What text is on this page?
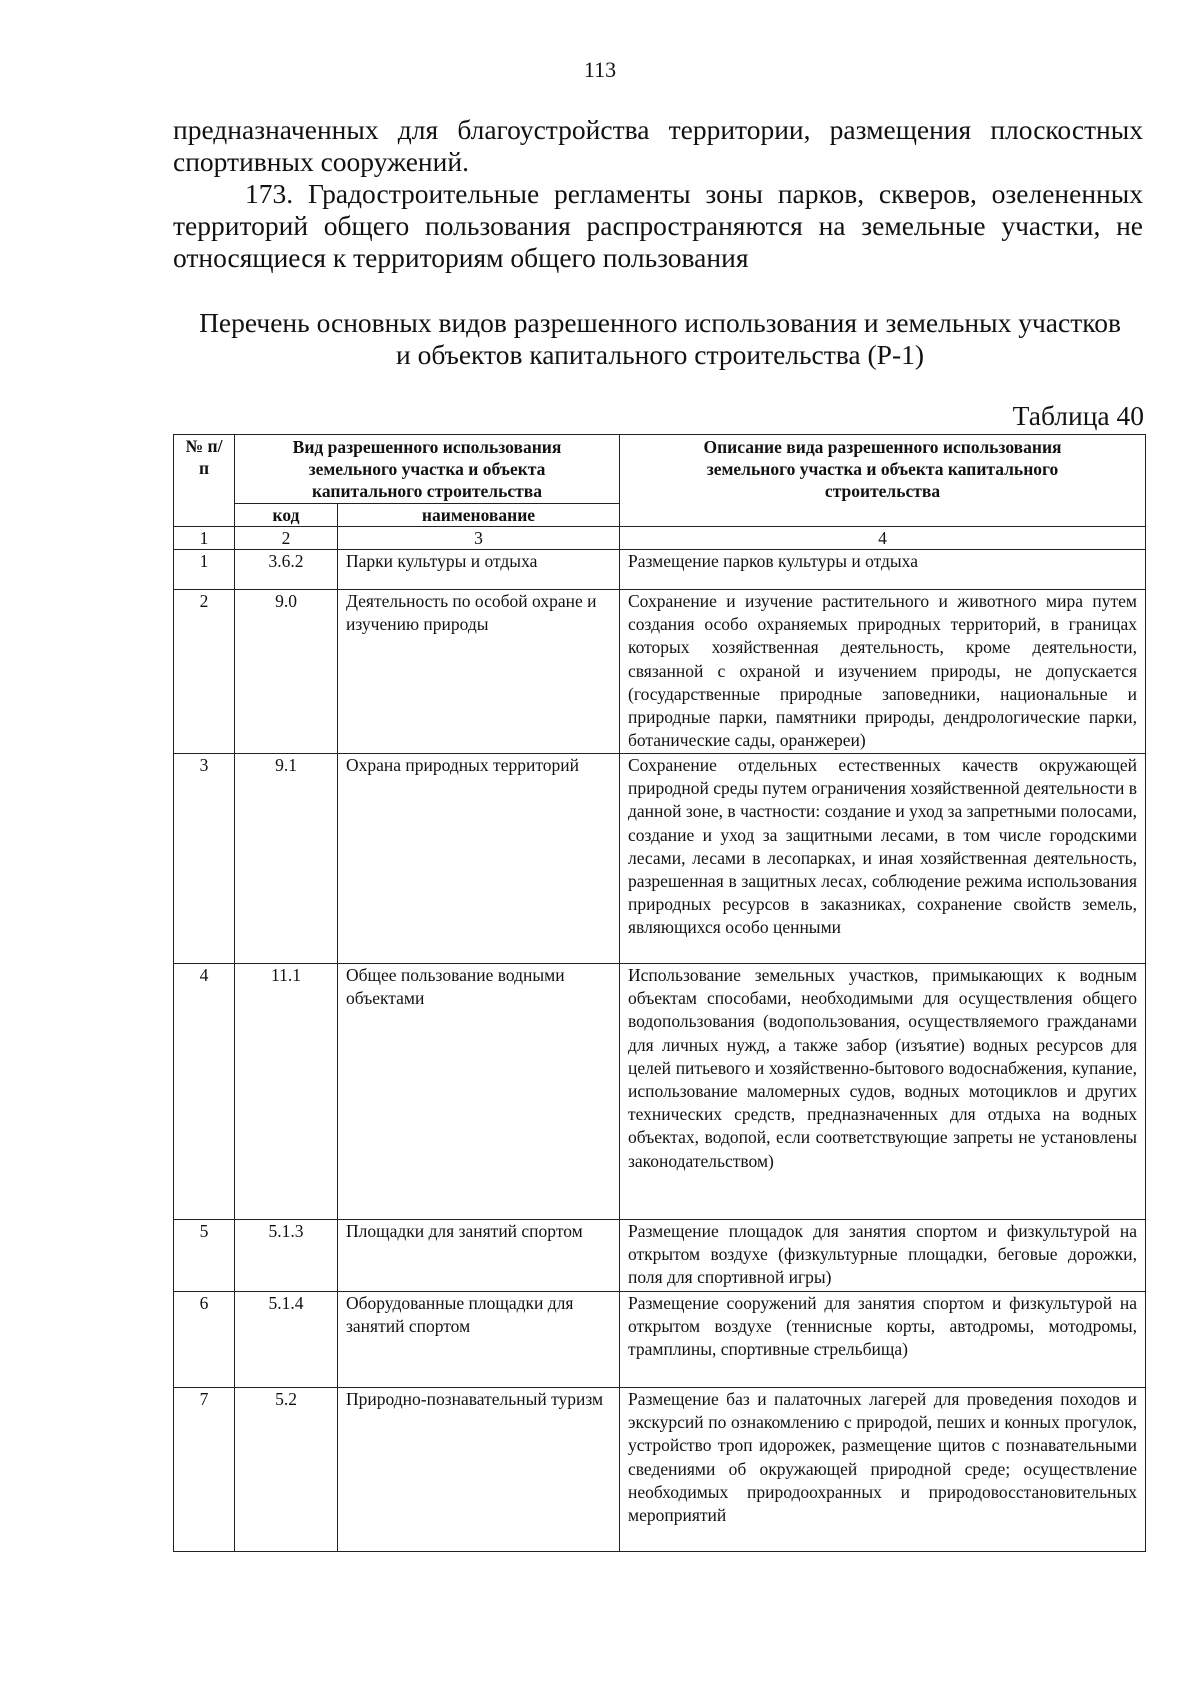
113

предназначенных для благоустройства территории, размещения плоскостных спортивных сооружений.

173. Градостроительные регламенты зоны парков, скверов, озелененных территорий общего пользования распространяются на земельные участки, не относящиеся к территориям общего пользования

Перечень основных видов разрешенного использования и земельных участков
и объектов капитального строительства (Р-1)
Таблица 40
№ п/п	Вид разрешенного использования земельного участка и объекта капитального строительства		Описание вида разрешенного использования земельного участка и объекта капитального строительства
	код	наименование	
1	2	3	4
1	3.6.2	Парки культуры и отдыха	Размещение парков культуры и отдыха
2	9.0	Деятельность по особой охране и изучению природы	Сохранение и изучение растительного и животного мира путем создания особо охраняемых природных территорий, в границах которых хозяйственная деятельность, кроме деятельности, связанной с охраной и изучением природы, не допускается (государственные природные заповедники, национальные и природные парки, памятники природы, дендрологические парки, ботанические сады, оранжереи)
3	9.1	Охрана природных территорий	Сохранение отдельных естественных качеств окружающей природной среды путем ограничения хозяйственной деятельности в данной зоне, в частности: создание и уход за запретными полосами, создание и уход за защитными лесами, в том числе городскими лесами, лесами в лесопарках, и иная хозяйственная деятельность, разрешенная в защитных лесах, соблюдение режима использования природных ресурсов в заказниках, сохранение свойств земель, являющихся особо ценными
4	11.1	Общее пользование водными объектами	Использование земельных участков, примыкающих к водным объектам способами, необходимыми для осуществления общего водопользования (водопользования, осуществляемого гражданами для личных нужд, а также забор (изъятие) водных ресурсов для целей питьевого и хозяйственно-бытового водоснабжения, купание, использование маломерных судов, водных мотоциклов и других технических средств, предназначенных для отдыха на водных объектах, водопой, если соответствующие запреты не установлены законодательством)
5	5.1.3	Площадки для занятий спортом	Размещение площадок для занятия спортом и физкультурой на открытом воздухе (физкультурные площадки, беговые дорожки, поля для спортивной игры)
6	5.1.4	Оборудованные площадки для занятий спортом	Размещение сооружений для занятия спортом и физкультурой на открытом воздухе (теннисные корты, автодромы, мотодромы, трамплины, спортивные стрельбища)
7	5.2	Природно-познавательный туризм	Размещение баз и палаточных лагерей для проведения походов и экскурсий по ознакомлению с природой, пеших и конных прогулок, устройство троп идорожек, размещение щитов с познавательными сведениями об окружающей природной среде; осуществление необходимых природоохранных и природовосстановительных мероприятий
